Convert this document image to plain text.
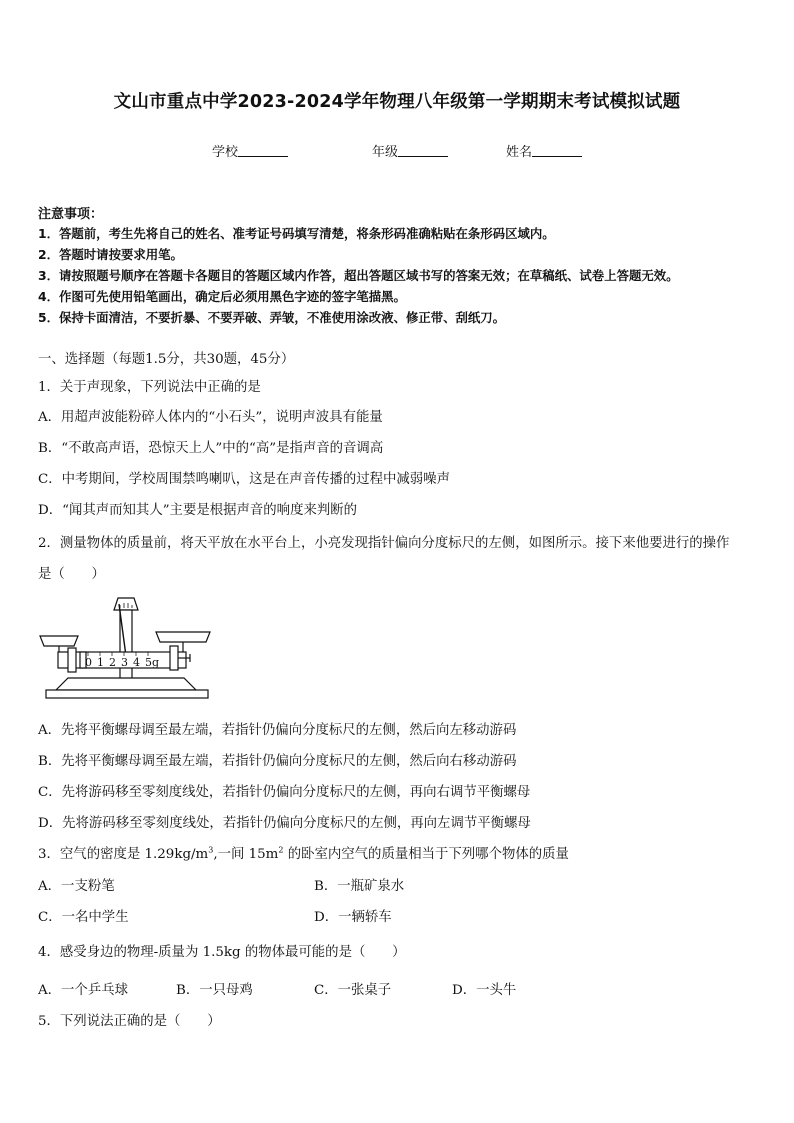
文山市重点中学2023-2024学年物理八年级第一学期期末考试模拟试题
学校	年级	姓名
注意事项：
1．答题前，考生先将自己的姓名、准考证号码填写清楚，将条形码准确粘贴在条形码区域内。
2．答题时请按要求用笔。
3．请按照题号顺序在答题卡各题目的答题区域内作答，超出答题区域书写的答案无效；在草稿纸、试卷上答题无效。
4．作图可先使用铅笔画出，确定后必须用黑色字迹的签字笔描黑。
5．保持卡面清洁，不要折暴、不要弄破、弄皱，不准使用涂改液、修正带、刮纸刀。
一、选择题（每题1.5分，共30题，45分）
1．关于声现象，下列说法中正确的是
A．用超声波能粉碎人体内的“小石头”，说明声波具有能量
B．“不敢高声语，恐惊天上人”中的“高”是指声音的音调高
C．中考期间，学校周围禁鸣喇叭，这是在声音传播的过程中减弱噪声
D．“闻其声而知其人”主要是根据声音的响度来判断的
2．测量物体的质量前，将天平放在水平台上，小亮发现指针偏向分度标尺的左侧，如图所示。接下来他要进行的操作
是（　　）
0 1 2 3 4 5g
A．先将平衡螺母调至最左端，若指针仍偏向分度标尺的左侧，然后向左移动游码
B．先将平衡螺母调至最左端，若指针仍偏向分度标尺的左侧，然后向右移动游码
C．先将游码移至零刻度线处，若指针仍偏向分度标尺的左侧，再向右调节平衡螺母
D．先将游码移至零刻度线处，若指针仍偏向分度标尺的左侧，再向左调节平衡螺母
3．空气的密度是 $1.29kg/m^3$,一间 $15m^2$ 的卧室内空气的质量相当于下列哪个物体的质量
A．一支粉笔	B．一瓶矿泉水
C．一名中学生	D．一辆轿车
4．感受身边的物理-质量为 1.5kg 的物体最可能的是（　　）
A．一个乒乓球	B．一只母鸡	C．一张桌子	D．一头牛
5．下列说法正确的是（　　）
